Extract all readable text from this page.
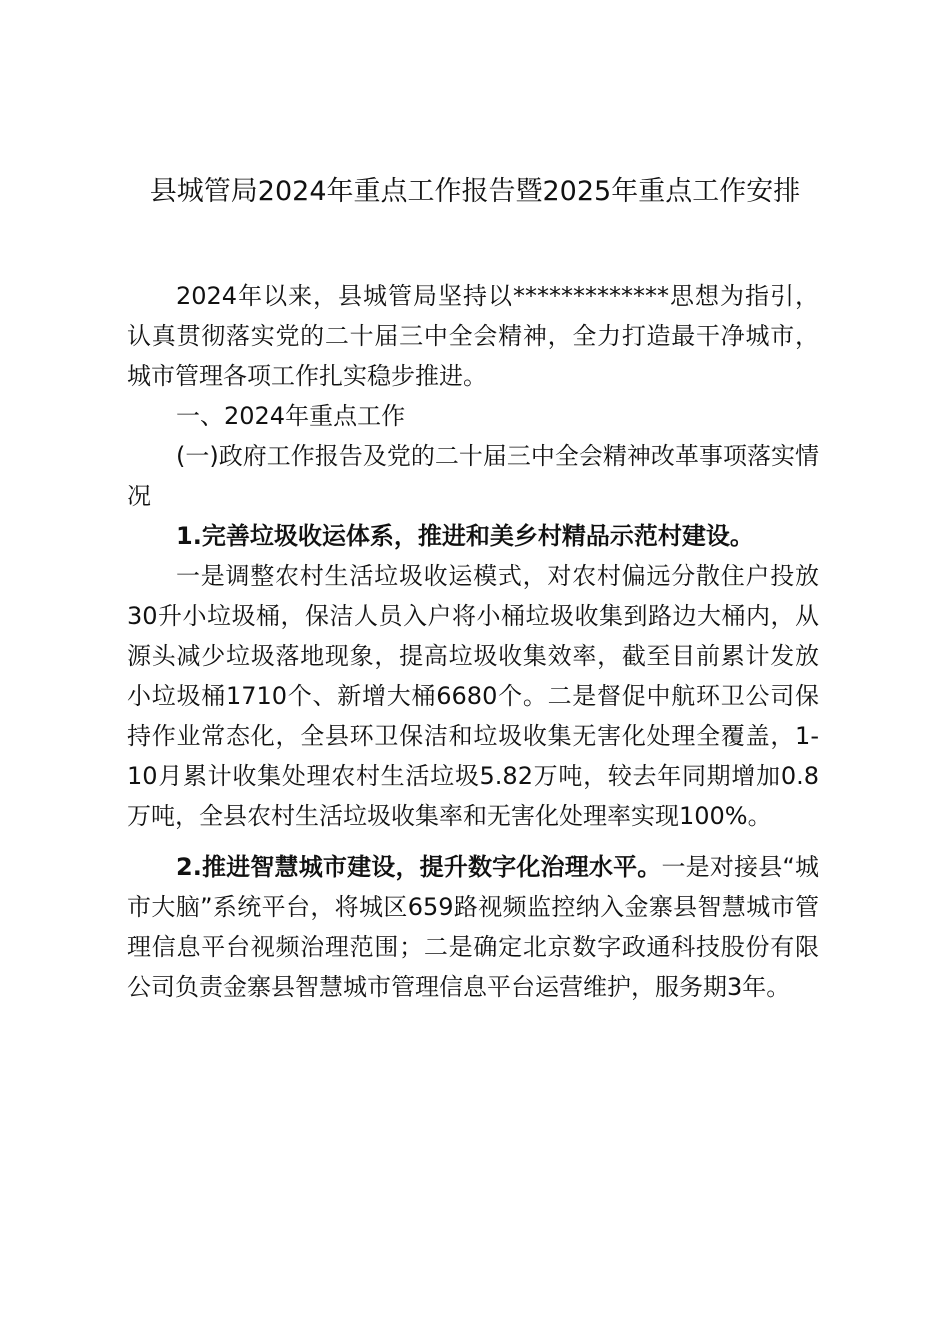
县城管局2024年重点工作报告暨2025年重点工作安排

2024年以来，县城管局坚持以*************思想为指引，认真贯彻落实党的二十届三中全会精神，全力打造最干净城市，城市管理各项工作扎实稳步推进。

一、2024年重点工作

(一)政府工作报告及党的二十届三中全会精神改革事项落实情况

1.完善垃圾收运体系，推进和美乡村精品示范村建设。

一是调整农村生活垃圾收运模式，对农村偏远分散住户投放30升小垃圾桶，保洁人员入户将小桶垃圾收集到路边大桶内，从源头减少垃圾落地现象，提高垃圾收集效率，截至目前累计发放小垃圾桶1710个、新增大桶6680个。二是督促中航环卫公司保持作业常态化，全县环卫保洁和垃圾收集无害化处理全覆盖，1-10月累计收集处理农村生活垃圾5.82万吨，较去年同期增加0.8万吨，全县农村生活垃圾收集率和无害化处理率实现100%。

2.推进智慧城市建设，提升数字化治理水平。一是对接县“城市大脑”系统平台，将城区659路视频监控纳入金寨县智慧城市管理信息平台视频治理范围；二是确定北京数字政通科技股份有限公司负责金寨县智慧城市管理信息平台运营维护，服务期3年。
